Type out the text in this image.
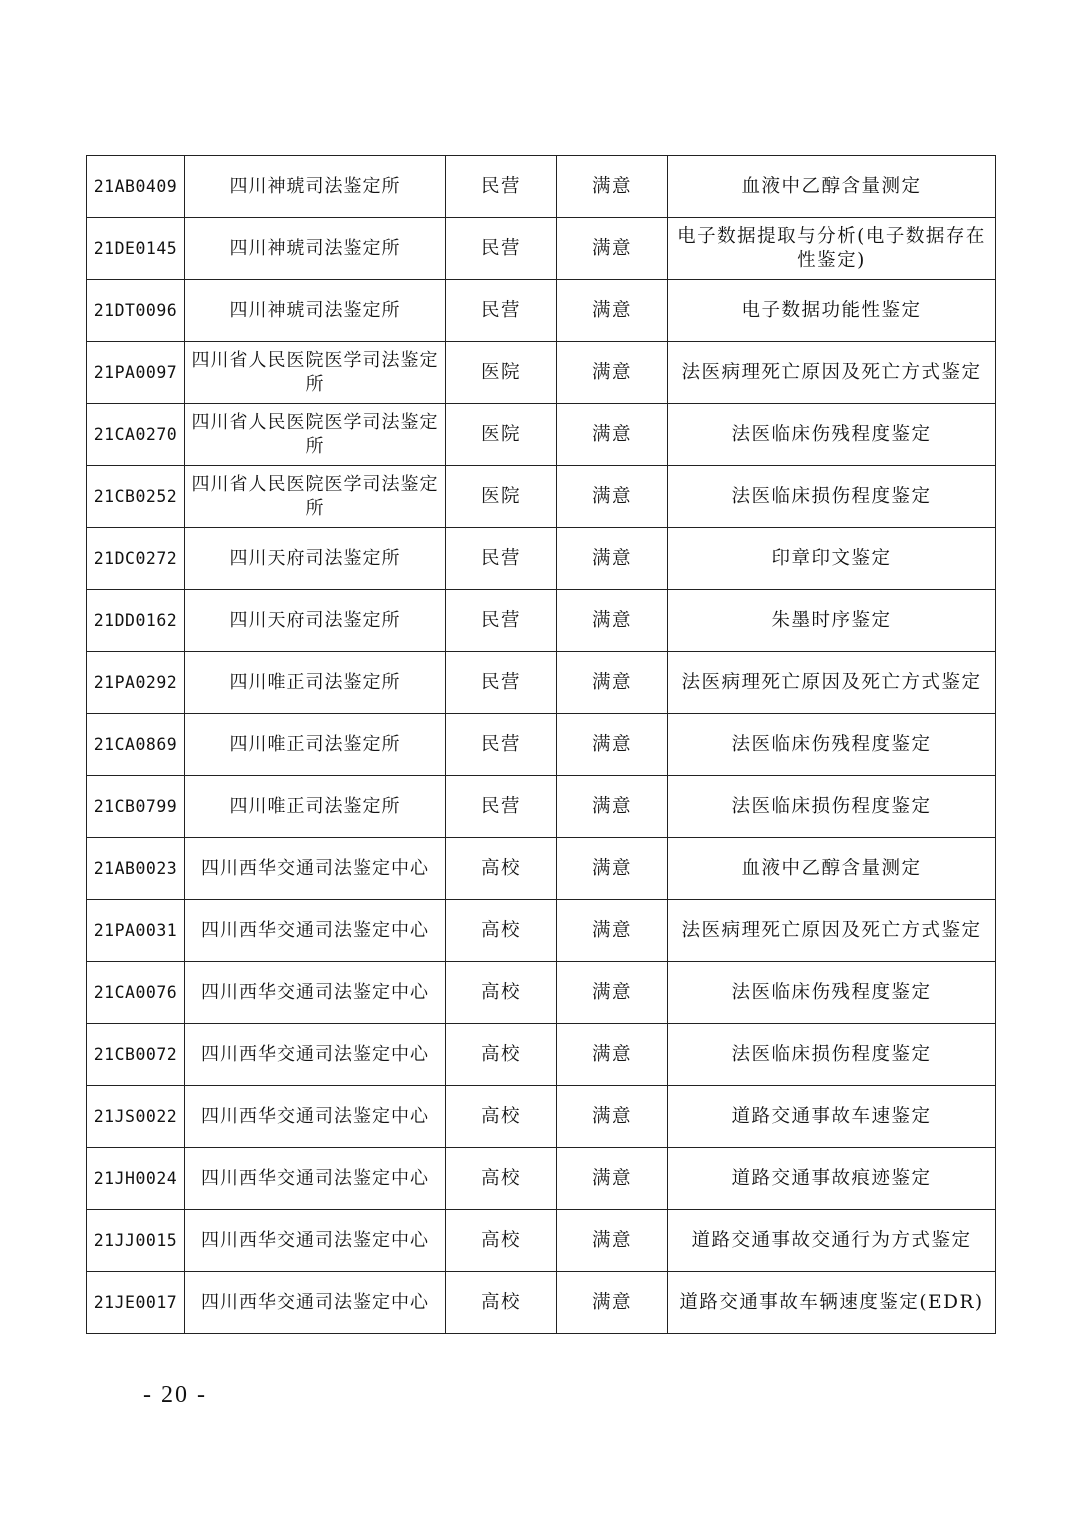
21AB0409	四川神琥司法鉴定所	民营	满意	血液中乙醇含量测定
21DE0145	四川神琥司法鉴定所	民营	满意	电子数据提取与分析(电子数据存在性鉴定)
21DT0096	四川神琥司法鉴定所	民营	满意	电子数据功能性鉴定
21PA0097	四川省人民医院医学司法鉴定所	医院	满意	法医病理死亡原因及死亡方式鉴定
21CA0270	四川省人民医院医学司法鉴定所	医院	满意	法医临床伤残程度鉴定
21CB0252	四川省人民医院医学司法鉴定所	医院	满意	法医临床损伤程度鉴定
21DC0272	四川天府司法鉴定所	民营	满意	印章印文鉴定
21DD0162	四川天府司法鉴定所	民营	满意	朱墨时序鉴定
21PA0292	四川唯正司法鉴定所	民营	满意	法医病理死亡原因及死亡方式鉴定
21CA0869	四川唯正司法鉴定所	民营	满意	法医临床伤残程度鉴定
21CB0799	四川唯正司法鉴定所	民营	满意	法医临床损伤程度鉴定
21AB0023	四川西华交通司法鉴定中心	高校	满意	血液中乙醇含量测定
21PA0031	四川西华交通司法鉴定中心	高校	满意	法医病理死亡原因及死亡方式鉴定
21CA0076	四川西华交通司法鉴定中心	高校	满意	法医临床伤残程度鉴定
21CB0072	四川西华交通司法鉴定中心	高校	满意	法医临床损伤程度鉴定
21JS0022	四川西华交通司法鉴定中心	高校	满意	道路交通事故车速鉴定
21JH0024	四川西华交通司法鉴定中心	高校	满意	道路交通事故痕迹鉴定
21JJ0015	四川西华交通司法鉴定中心	高校	满意	道路交通事故交通行为方式鉴定
21JE0017	四川西华交通司法鉴定中心	高校	满意	道路交通事故车辆速度鉴定(EDR)
- 20 -
